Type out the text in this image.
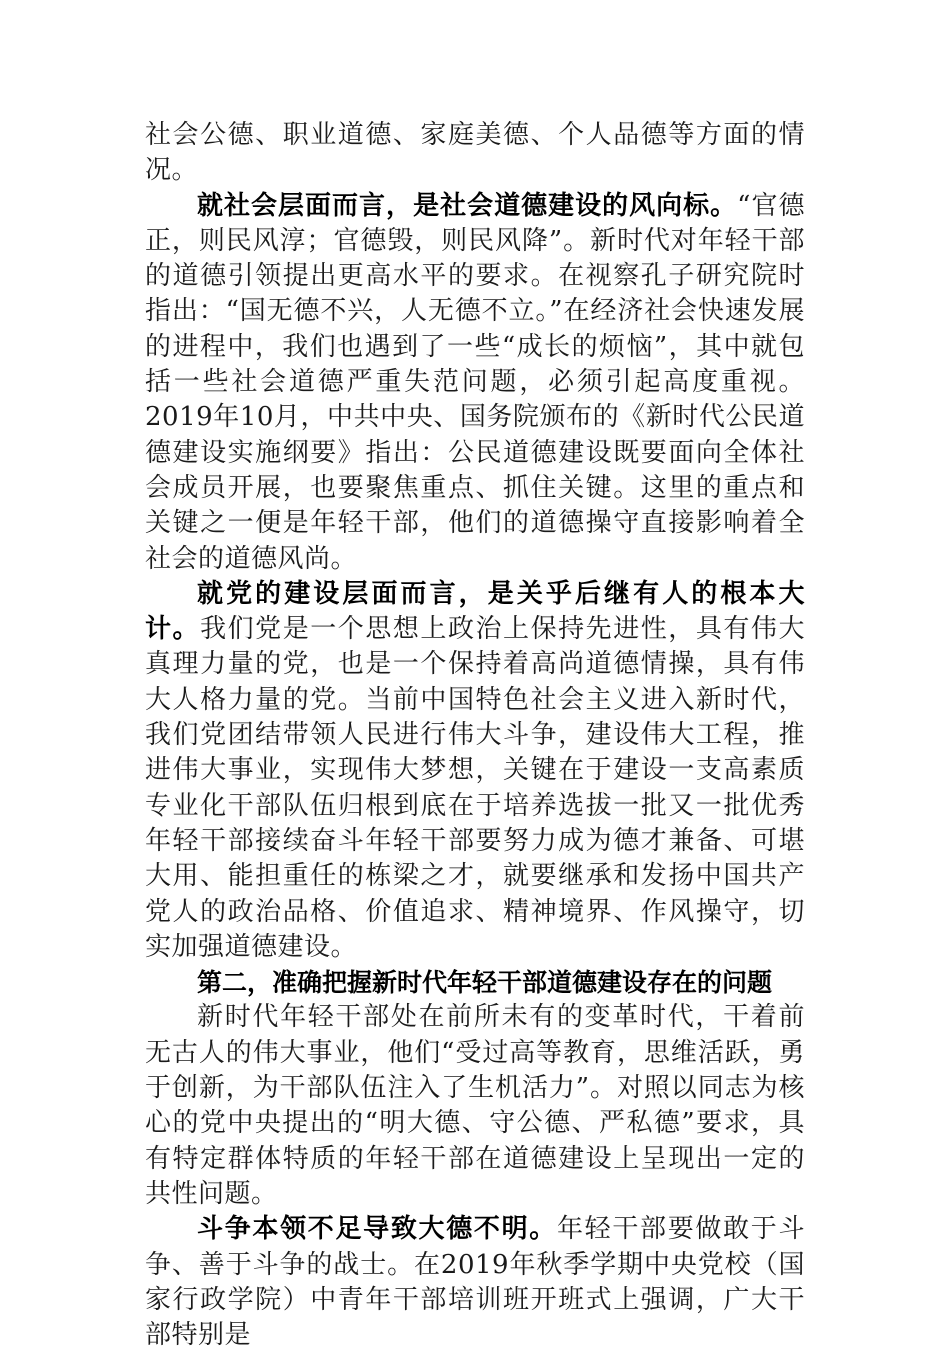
社会公德、职业道德、家庭美德、个人品德等方面的情况。

就社会层面而言，是社会道德建设的风向标。“官德正，则民风淳；官德毁，则民风降”。新时代对年轻干部的道德引领提出更高水平的要求。在视察孔子研究院时指出：“国无德不兴，人无德不立。”在经济社会快速发展的进程中，我们也遇到了一些“成长的烦恼”，其中就包括一些社会道德严重失范问题，必须引起高度重视。2019年10月，中共中央、国务院颁布的《新时代公民道德建设实施纲要》指出：公民道德建设既要面向全体社会成员开展，也要聚焦重点、抓住关键。这里的重点和关键之一便是年轻干部，他们的道德操守直接影响着全社会的道德风尚。

就党的建设层面而言，是关乎后继有人的根本大计。我们党是一个思想上政治上保持先进性，具有伟大真理力量的党，也是一个保持着高尚道德情操，具有伟大人格力量的党。当前中国特色社会主义进入新时代，我们党团结带领人民进行伟大斗争，建设伟大工程，推进伟大事业，实现伟大梦想，关键在于建设一支高素质专业化干部队伍归根到底在于培养选拔一批又一批优秀年轻干部接续奋斗年轻干部要努力成为德才兼备、可堪大用、能担重任的栋梁之才，就要继承和发扬中国共产党人的政治品格、价值追求、精神境界、作风操守，切实加强道德建设。

第二，准确把握新时代年轻干部道德建设存在的问题

新时代年轻干部处在前所未有的变革时代，干着前无古人的伟大事业，他们“受过高等教育，思维活跃，勇于创新，为干部队伍注入了生机活力”。对照以同志为核心的党中央提出的“明大德、守公德、严私德”要求，具有特定群体特质的年轻干部在道德建设上呈现出一定的共性问题。

斗争本领不足导致大德不明。年轻干部要做敢于斗争、善于斗争的战士。在2019年秋季学期中央党校（国家行政学院）中青年干部培训班开班式上强调，广大干部特别是
